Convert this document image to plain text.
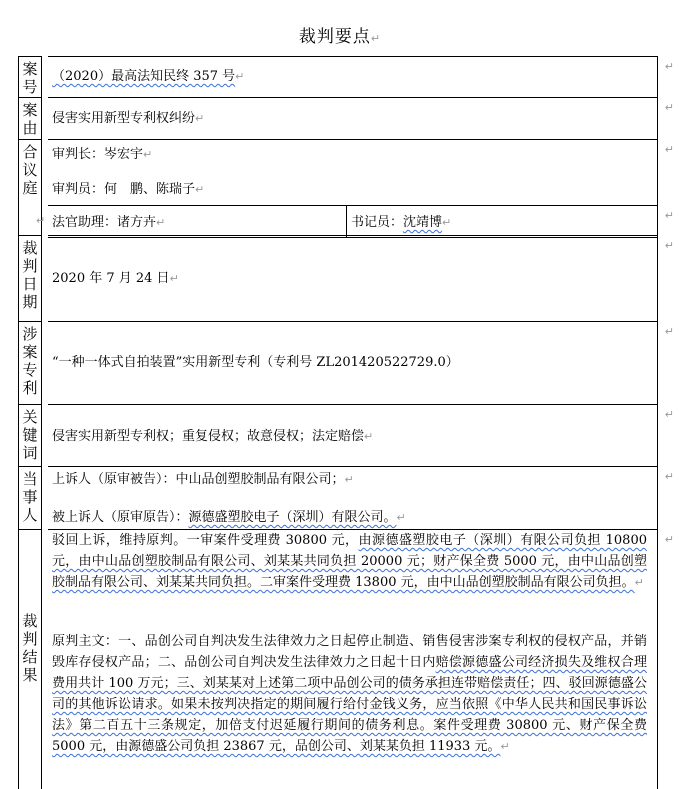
裁判要点↵
案号
（2020）最高法知民终 357 号↵
↵
案由
侵害实用新型专利权纠纷↵
↵
合议庭
审判长：岑宏宇↵
审判员：何　鹏、陈瑞子↵
↵ 法官助理：诸方卉↵	书记员：沈靖博↵
↵
↵
裁判日期
2020 年 7 月 24 日↵
↵
涉案专利
“一种一体式自拍装置”实用新型专利（专利号 ZL201420522729.0）
↵
关键词
侵害实用新型专利权；重复侵权；故意侵权；法定赔偿↵
↵
当事人
上诉人（原审被告）：中山品创塑胶制品有限公司；↵
被上诉人（原审原告）：源德盛塑胶电子（深圳）有限公司。↵
↵
裁判结果
驳回上诉，维持原判。一审案件受理费 30800 元，由源德盛塑胶电子（深圳）有限公司负担 10800 元，由中山品创塑胶制品有限公司、刘某某共同负担 20000 元；财产保全费 5000 元，由中山品创塑胶制品有限公司、刘某某共同负担。二审案件受理费 13800 元，由中山品创塑胶制品有限公司负担。↵
原判主文：一、品创公司自判决发生法律效力之日起停止制造、销售侵害涉案专利权的侵权产品，并销毁库存侵权产品；二、品创公司自判决发生法律效力之日起十日内赔偿源德盛公司经济损失及维权合理费用共计 100 万元；三、刘某某对上述第二项中品创公司的债务承担连带赔偿责任；四、驳回源德盛公司的其他诉讼请求。如果未按判决指定的期间履行给付金钱义务，应当依照《中华人民共和国民事诉讼法》第二百五十三条规定，加倍支付迟延履行期间的债务利息。案件受理费 30800 元、财产保全费 5000 元，由源德盛公司负担 23867 元，品创公司、刘某某负担 11933 元。↵
↵
